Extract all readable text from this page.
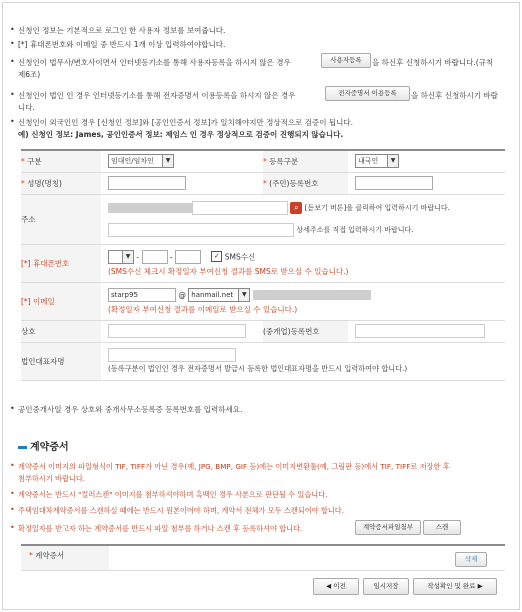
• 신청인 정보는 기본적으로 로그인 한 사용자 정보를 보여줍니다.
• [*] 휴대폰번호와 이메일 중 반드시 1개 이상 입력하여야합니다.
• 신청인이 법무사/변호사이면서 인터넷등기소를 통해 사용자등록을 하시지 않은 경우	사용자등록	을 하신후 신청하시기 바랍니다.(규칙
제6조)
• 신청인이 법인 인 경우 인터넷등기소를 통해 전자증명서 이용등록을 하시지 않은 경우	전자증명서 이용등록	을 하신후 신청하시기 바랍
니다.
• 신청인이 외국인인 경우 [신청인 정보]와 [공인인증서 정보]가 일치해야지만 정상적으로 검증이 됩니다.
예) 신청인 정보: James, 공인인증서 정보: 제임스 인 경우 정상적으로 검증이 진행되지 않습니다.
* 구분	임대인/임차인 ▼	* 등록구분	내국인 ▼

* 성명(명칭)		* (주민)등록번호	
주소	⌕ [돋보기 버튼]을 클릭하여 입력하시기 바랍니다.
상세주소를 직접 입력하시기 바랍니다.		

[*] 휴대폰번호	▼ - - ✓ SMS수신
(SMS수신 체크시 확정일자 부여신청 결과를 SMS로 받으실 수 있습니다.)		

[*] 이메일	starp95 @ hanmail.net ▼

(확정일자 부여신청 결과를 이메일로 받으실 수 있습니다.)		

상호		(중개업)등록번호	
법인대표자명	(등록구분이 법인인 경우 전자증명서 발급시 등록한 법인대표자명을 반드시 입력하여야 합니다.)		
• 공인중개사일 경우 상호와 중개사무소등록증 등록번호를 입력하세요.
계약증서
• 계약증서 이미지의 파일형식이 TIF, TIFF가 아닌 경우(예, JPG, BMP, GIF 등)에는 이미지변환툴(예, 그림판 등)에서 TIF, TIFF로 저장한 후
첨부하시기 바랍니다.
• 계약증서는 반드시 "컬러스캔" 이미지를 첨부하셔야하며 흑백인 경우 사본으로 판단될 수 있습니다.
• 주택임대차계약증서를 스캔하실 때에는 반드시 원본이어야 하며, 계약서 전체가 모두 스캔되어야 합니다.
• 확정일자를 받고자 하는 계약증서를 반드시 파일 첨부를 하거나 스캔 후 등록하셔야 합니다.	계약증서파일첨부	스캔
* 계약증서	삭제
◀ 이전	임시저장	작성확인 및 완료 ▶
